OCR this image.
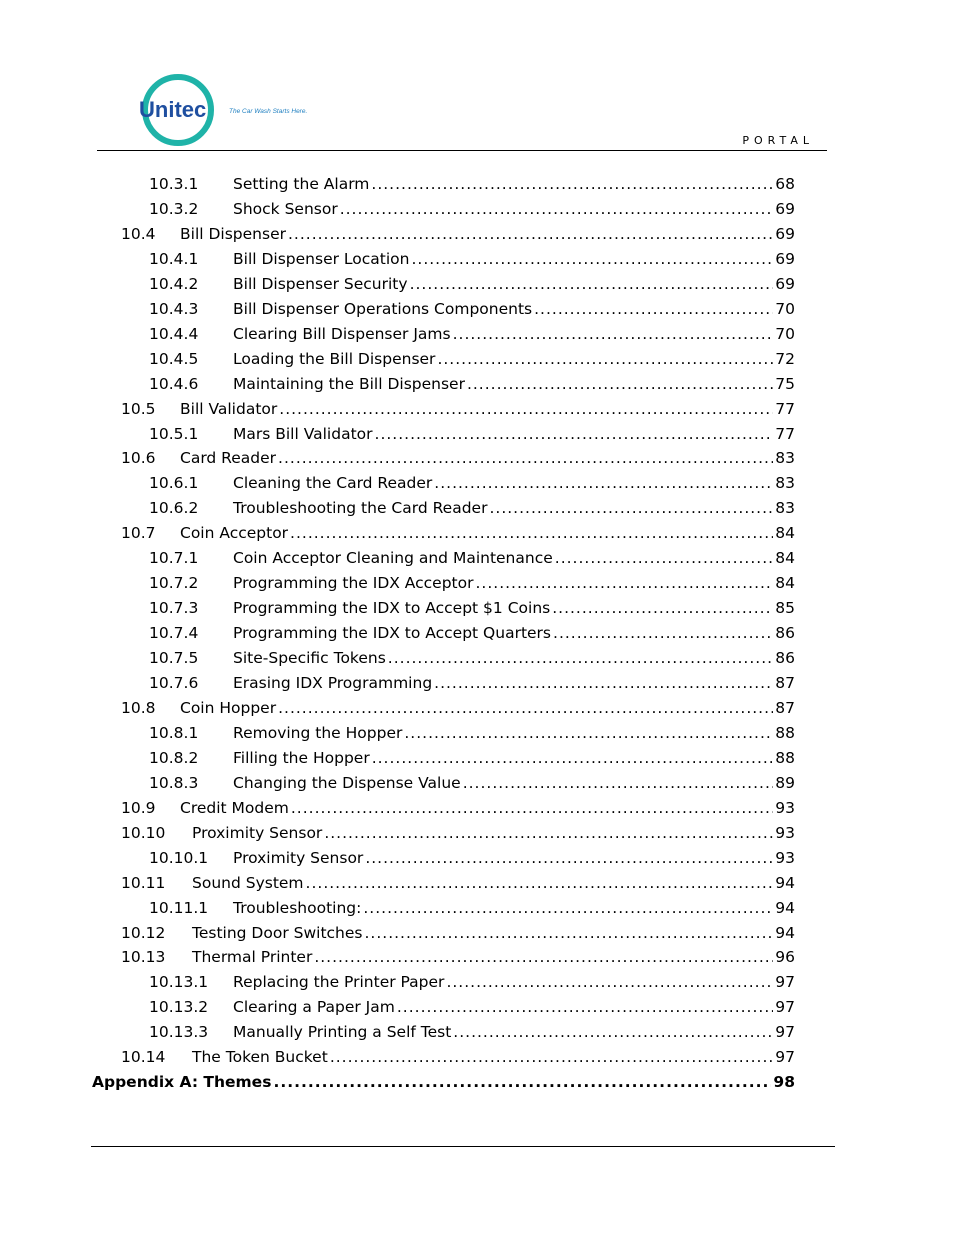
Unitec	The Car Wash Starts Here.
PORTAL
10.3.1	Setting the Alarm .....	68
10.3.2	Shock Sensor .....	69
10.4	Bill Dispenser .....	69
10.4.1	Bill Dispenser Location .....	69
10.4.2	Bill Dispenser Security .....	69
10.4.3	Bill Dispenser Operations Components .....	70
10.4.4	Clearing Bill Dispenser Jams .....	70
10.4.5	Loading the Bill Dispenser .....	72
10.4.6	Maintaining the Bill Dispenser .....	75
10.5	Bill Validator .....	77
10.5.1	Mars Bill Validator .....	77
10.6	Card Reader .....	83
10.6.1	Cleaning the Card Reader .....	83
10.6.2	Troubleshooting the Card Reader .....	83
10.7	Coin Acceptor .....	84
10.7.1	Coin Acceptor Cleaning and Maintenance .....	84
10.7.2	Programming the IDX Acceptor .....	84
10.7.3	Programming the IDX to Accept $1 Coins .....	85
10.7.4	Programming the IDX to Accept Quarters .....	86
10.7.5	Site-Specific Tokens .....	86
10.7.6	Erasing IDX Programming .....	87
10.8	Coin Hopper .....	87
10.8.1	Removing the Hopper .....	88
10.8.2	Filling the Hopper .....	88
10.8.3	Changing the Dispense Value .....	89
10.9	Credit Modem .....	93
10.10	Proximity Sensor .....	93
10.10.1	Proximity Sensor .....	93
10.11	Sound System .....	94
10.11.1	Troubleshooting: .....	94
10.12	Testing Door Switches .....	94
10.13	Thermal Printer .....	96
10.13.1	Replacing the Printer Paper .....	97
10.13.2	Clearing a Paper Jam .....	97
10.13.3	Manually Printing a Self Test .....	97
10.14	The Token Bucket .....	97
Appendix A: Themes .....	98
